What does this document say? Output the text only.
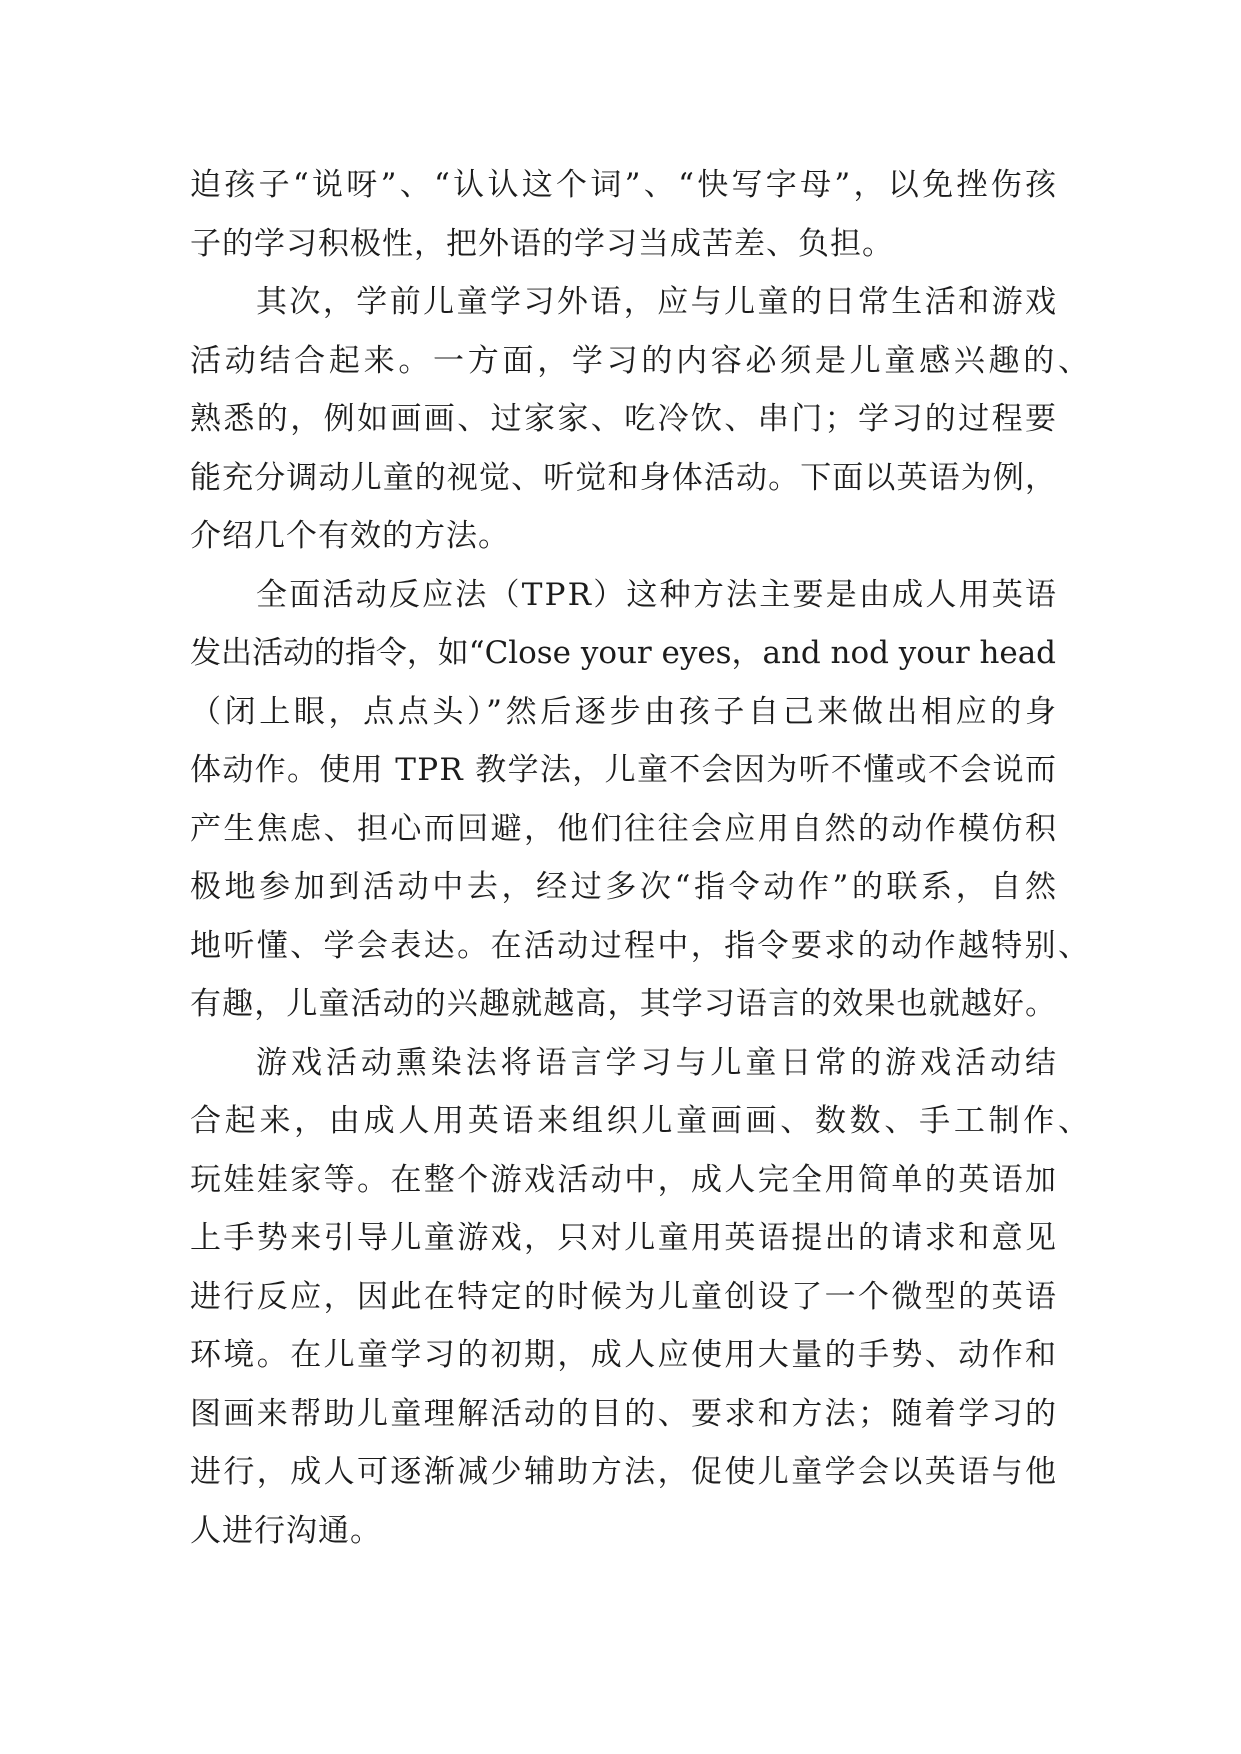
迫孩子“说呀”、“认认这个词”、“快写字母”，以免挫伤孩
子的学习积极性，把外语的学习当成苦差、负担。
其次，学前儿童学习外语，应与儿童的日常生活和游戏
活动结合起来。一方面，学习的内容必须是儿童感兴趣的、
熟悉的，例如画画、过家家、吃冷饮、串门；学习的过程要
能充分调动儿童的视觉、听觉和身体活动。下面以英语为例，
介绍几个有效的方法。
全面活动反应法（TPR）这种方法主要是由成人用英语
发出活动的指令，如“Close your eyes，and nod your head
（闭上眼，点点头）”然后逐步由孩子自己来做出相应的身
体动作。使用 TPR 教学法，儿童不会因为听不懂或不会说而
产生焦虑、担心而回避，他们往往会应用自然的动作模仿积
极地参加到活动中去，经过多次“指令动作”的联系，自然
地听懂、学会表达。在活动过程中，指令要求的动作越特别、
有趣，儿童活动的兴趣就越高，其学习语言的效果也就越好。
游戏活动熏染法将语言学习与儿童日常的游戏活动结
合起来，由成人用英语来组织儿童画画、数数、手工制作、
玩娃娃家等。在整个游戏活动中，成人完全用简单的英语加
上手势来引导儿童游戏，只对儿童用英语提出的请求和意见
进行反应，因此在特定的时候为儿童创设了一个微型的英语
环境。在儿童学习的初期，成人应使用大量的手势、动作和
图画来帮助儿童理解活动的目的、要求和方法；随着学习的
进行，成人可逐渐减少辅助方法，促使儿童学会以英语与他
人进行沟通。
